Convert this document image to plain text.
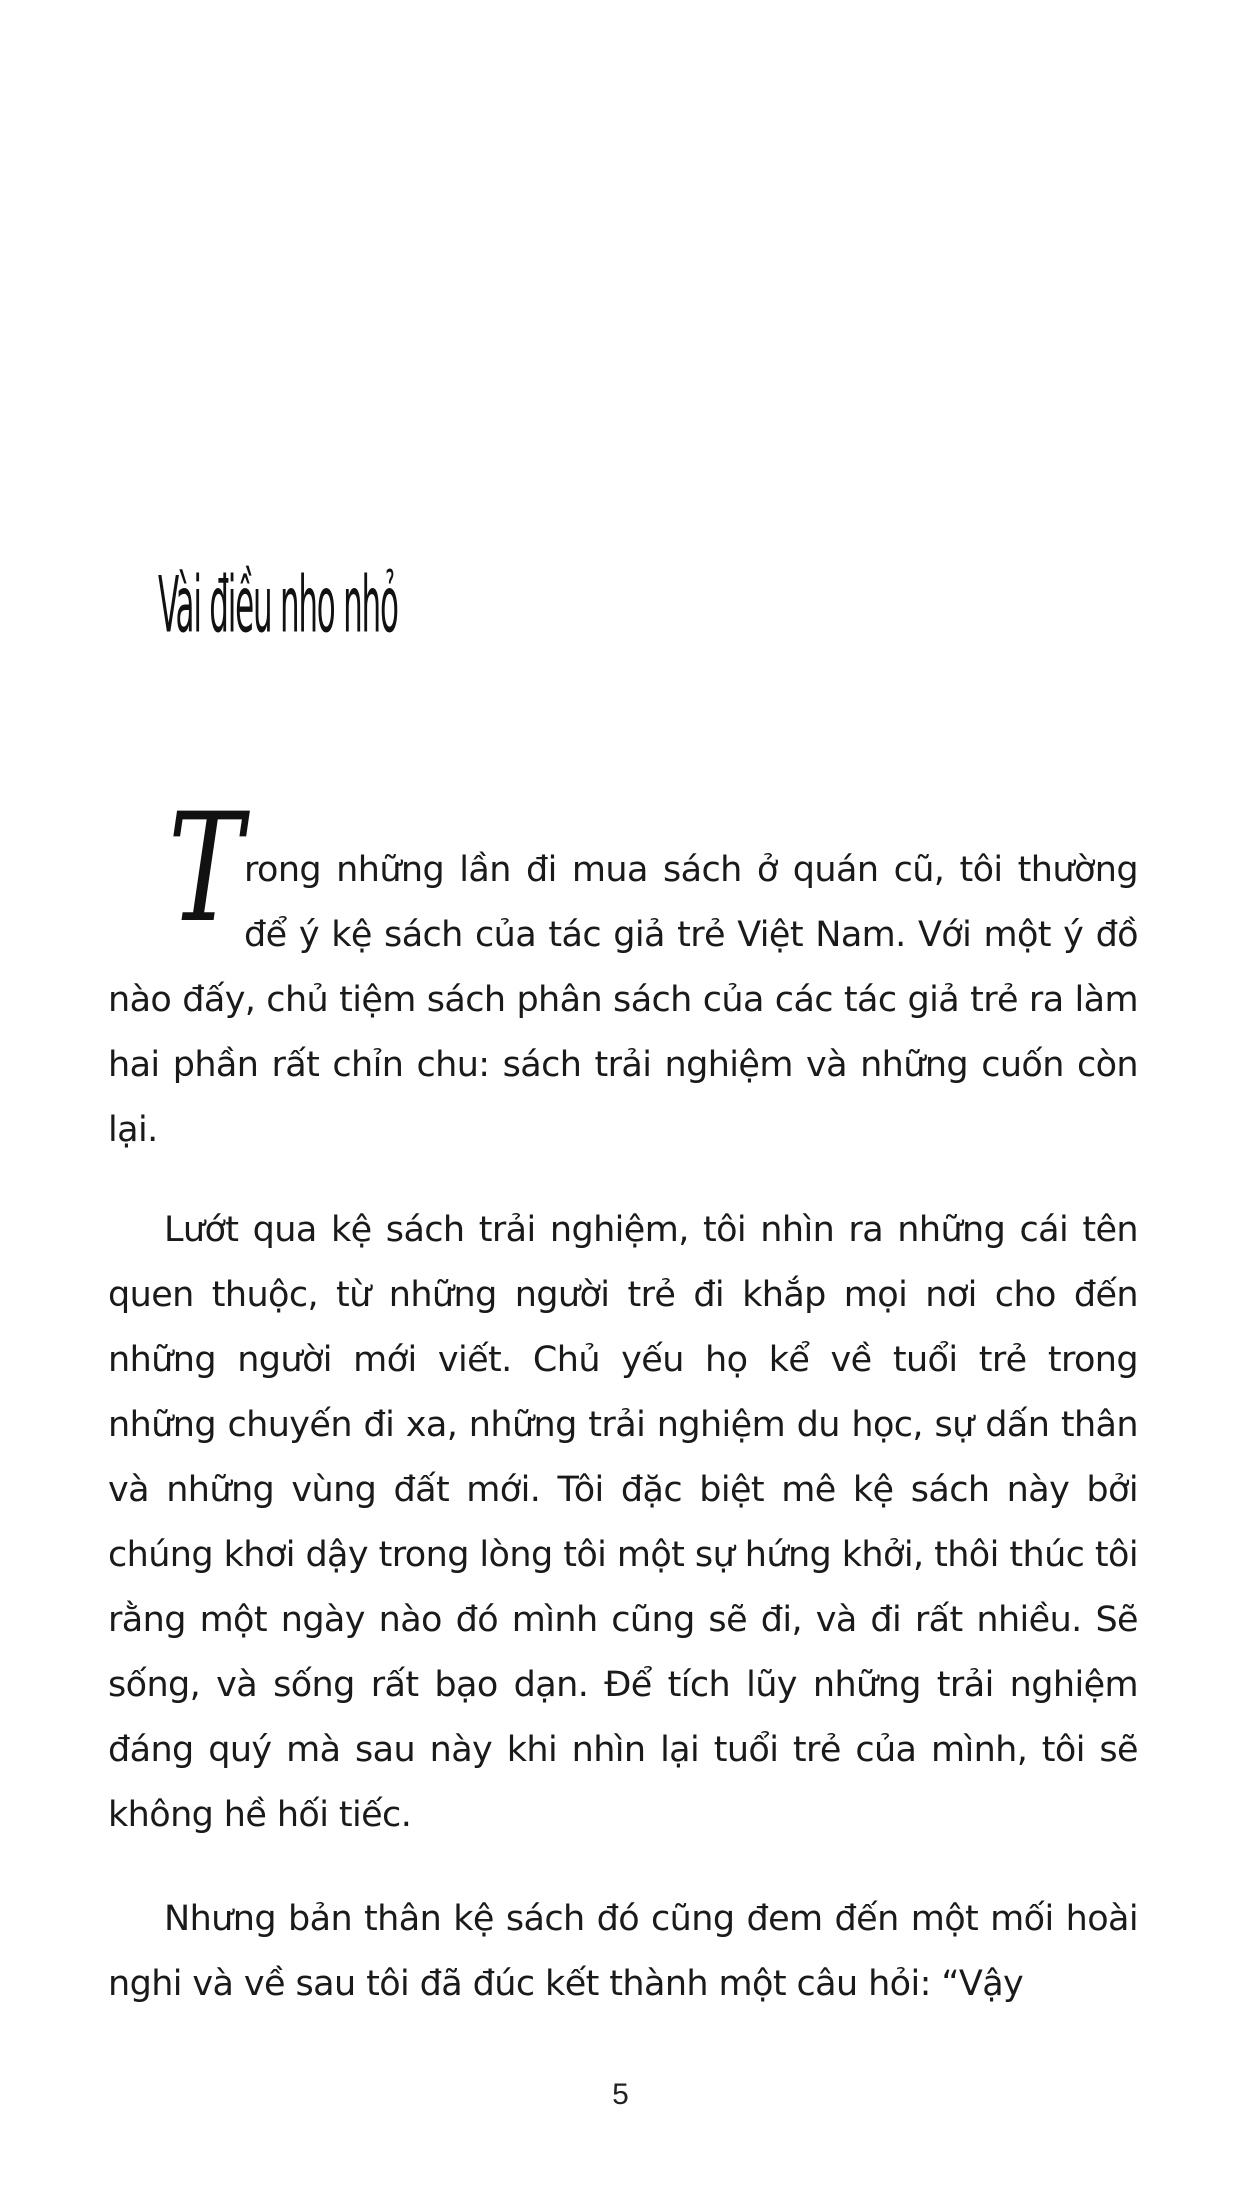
Vài điều nho nhỏ

T rong những lần đi mua sách ở quán cũ, tôi thường để ý kệ sách của tác giả trẻ Việt Nam. Với một ý đồ nào đấy, chủ tiệm sách phân sách của các tác giả trẻ ra làm hai phần rất chỉn chu: sách trải nghiệm và những cuốn còn lại.

Lướt qua kệ sách trải nghiệm, tôi nhìn ra những cái tên quen thuộc, từ những người trẻ đi khắp mọi nơi cho đến những người mới viết. Chủ yếu họ kể về tuổi trẻ trong những chuyến đi xa, những trải nghiệm du học, sự dấn thân và những vùng đất mới. Tôi đặc biệt mê kệ sách này bởi chúng khơi dậy trong lòng tôi một sự hứng khởi, thôi thúc tôi rằng một ngày nào đó mình cũng sẽ đi, và đi rất nhiều. Sẽ sống, và sống rất bạo dạn. Để tích lũy những trải nghiệm đáng quý mà sau này khi nhìn lại tuổi trẻ của mình, tôi sẽ không hề hối tiếc.

Nhưng bản thân kệ sách đó cũng đem đến một mối hoài nghi và về sau tôi đã đúc kết thành một câu hỏi: “Vậy

5
